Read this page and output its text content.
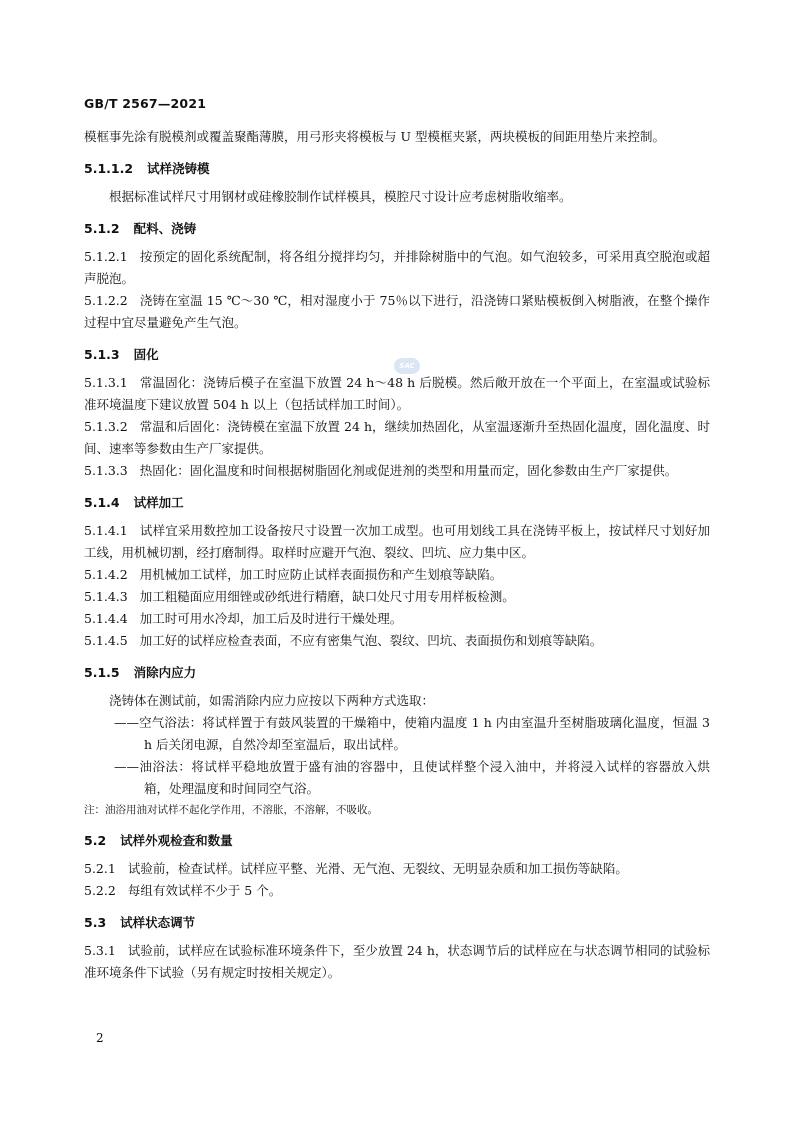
GB/T 2567—2021
SAC

模框事先涂有脱模剂或覆盖聚酯薄膜，用弓形夹将模板与 U 型模框夹紧，两块模板的间距用垫片来控制。

5.1.1.2 试样浇铸模

根据标准试样尺寸用钢材或硅橡胶制作试样模具，模腔尺寸设计应考虑树脂收缩率。

5.1.2 配料、浇铸

5.1.2.1 按预定的固化系统配制，将各组分搅拌均匀，并排除树脂中的气泡。如气泡较多，可采用真空脱泡或超声脱泡。

5.1.2.2 浇铸在室温 15 ℃～30 ℃，相对湿度小于 75％以下进行，沿浇铸口紧贴模板倒入树脂液，在整个操作过程中宜尽量避免产生气泡。

5.1.3 固化

5.1.3.1 常温固化：浇铸后模子在室温下放置 24 h～48 h 后脱模。然后敞开放在一个平面上，在室温或试验标准环境温度下建议放置 504 h 以上（包括试样加工时间）。

5.1.3.2 常温和后固化：浇铸模在室温下放置 24 h，继续加热固化，从室温逐渐升至热固化温度，固化温度、时间、速率等参数由生产厂家提供。

5.1.3.3 热固化：固化温度和时间根据树脂固化剂或促进剂的类型和用量而定，固化参数由生产厂家提供。

5.1.4 试样加工

5.1.4.1 试样宜采用数控加工设备按尺寸设置一次加工成型。也可用划线工具在浇铸平板上，按试样尺寸划好加工线，用机械切割，经打磨制得。取样时应避开气泡、裂纹、凹坑、应力集中区。

5.1.4.2 用机械加工试样，加工时应防止试样表面损伤和产生划痕等缺陷。

5.1.4.3 加工粗糙面应用细锉或砂纸进行精磨，缺口处尺寸用专用样板检测。

5.1.4.4 加工时可用水冷却，加工后及时进行干燥处理。

5.1.4.5 加工好的试样应检查表面，不应有密集气泡、裂纹、凹坑、表面损伤和划痕等缺陷。

5.1.5 消除内应力

浇铸体在测试前，如需消除内应力应按以下两种方式选取：

——空气浴法：将试样置于有鼓风装置的干燥箱中，使箱内温度 1 h 内由室温升至树脂玻璃化温度，恒温 3 h 后关闭电源，自然冷却至室温后，取出试样。

——油浴法：将试样平稳地放置于盛有油的容器中，且使试样整个浸入油中，并将浸入试样的容器放入烘箱，处理温度和时间同空气浴。

注：油浴用油对试样不起化学作用，不溶胀，不溶解，不吸收。

5.2 试样外观检查和数量

5.2.1 试验前，检查试样。试样应平整、光滑、无气泡、无裂纹、无明显杂质和加工损伤等缺陷。

5.2.2 每组有效试样不少于 5 个。

5.3 试样状态调节

5.3.1 试验前，试样应在试验标准环境条件下，至少放置 24 h，状态调节后的试样应在与状态调节相同的试验标准环境条件下试验（另有规定时按相关规定）。

2
